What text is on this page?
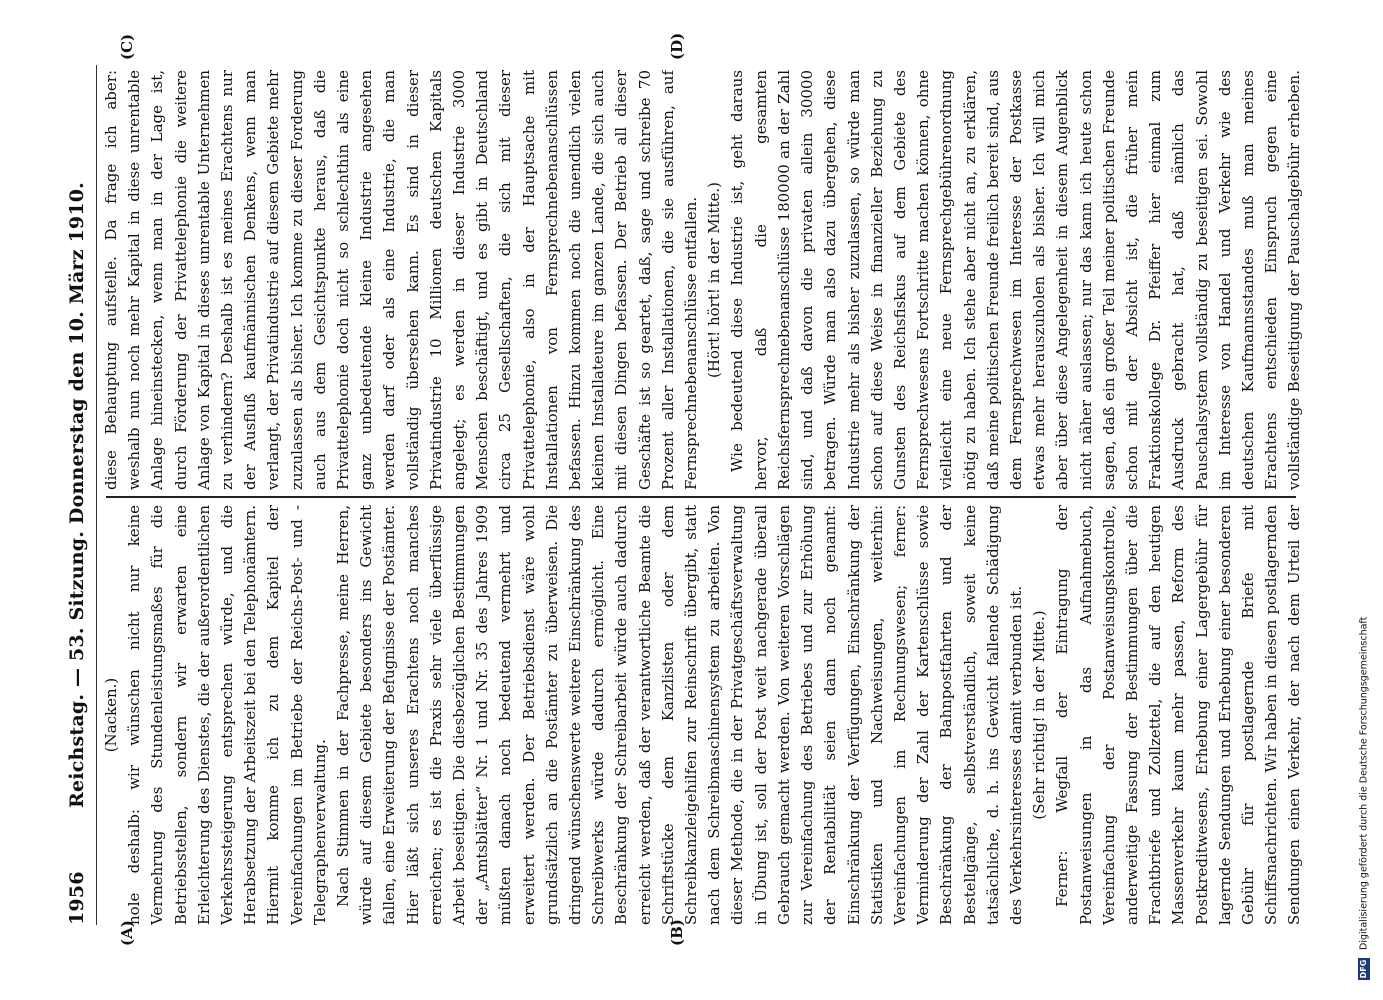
1956
Reichstag. — 53. Sitzung. Donnerstag den 10. März 1910.
(A)	(B)
(C)	(D)

(Nacken.) hole deshalb: wir wünschen nicht nur keine Vermehrung des Stundenleistungsmaßes für die Betriebsstellen, sondern wir erwarten eine Erleichterung des Dienstes, die der außerordentlichen Verkehrssteigerung entsprechen würde, und die Herabsetzung der Arbeitszeit bei den Telephonämtern. Hiermit komme ich zu dem Kapitel der Vereinfachungen im Betriebe der Reichs-Post- und -Telegraphenverwaltung. Nach Stimmen in der Fachpresse, meine Herren, würde auf diesem Gebiete besonders ins Gewicht fallen, eine Erweiterung der Befugnisse der Postämter. Hier läßt sich unseres Erachtens noch manches erreichen; es ist die Praxis sehr viele überflüssige Arbeit beseitigen. Die diesbezüglichen Bestimmungen der „Amtsblätter“ Nr. 1 und Nr. 35 des Jahres 1909 müßten danach noch bedeutend vermehrt und erweitert werden. Der Betriebsdienst wäre wohl grundsätzlich an die Postämter zu überweisen. Die dringend wünschenswerte weitere Einschränkung des Schreibwerks würde dadurch ermöglicht. Eine Beschränkung der Schreibarbeit würde auch dadurch erreicht werden, daß der verantwortliche Beamte die Schriftstücke dem Kanzlisten oder dem Schreibkanzleigehilfen zur Reinschrift übergibt, statt nach dem Schreibmaschinensystem zu arbeiten. Von dieser Methode, die in der Privatgeschäftsverwaltung in Übung ist, soll der Post weit nachgerade überall Gebrauch gemacht werden. Von weiteren Vorschlägen zur Vereinfachung des Betriebes und zur Erhöhung der Rentabilität seien dann noch genannt: Einschränkung der Verfügungen, Einschränkung der Statistiken und Nachweisungen, weiterhin: Vereinfachungen im Rechnungswesen; ferner: Verminderung der Zahl der Kartenschlüsse sowie Beschränkung der Bahnpostfahrten und der Bestellgänge, selbstverständlich, soweit keine tatsächliche, d. h. ins Gewicht fallende Schädigung des Verkehrsinteresses damit verbunden ist. (Sehr richtig! in der Mitte.)

Ferner: Wegfall der Eintragung der Postanweisungen in das Aufnahmebuch, Vereinfachung der Postanweisungskontrolle, anderweitige Fassung der Bestimmungen über die Frachtbriefe und Zollzettel, die auf den heutigen Massenverkehr kaum mehr passen, Reform des Postkreditwesens, Erhebung einer Lagergebühr für lagernde Sendungen und Erhebung einer besonderen Gebühr für postlagernde Briefe mit Schiffsnachrichten. Wir haben in diesen postlagernden Sendungen einen Verkehr, der nach dem Urteil der

diese Behauptung aufstelle. Da frage ich aber: weshalb nun noch mehr Kapital in diese unrentable Anlage hineinstecken, wenn man in der Lage ist, durch Förderung der Privattelephonie die weitere Anlage von Kapital in dieses unrentable Unternehmen zu verhindern? Deshalb ist es meines Erachtens nur der Ausfluß kaufmännischen Denkens, wenn man verlangt, der Privatindustrie auf diesem Gebiete mehr zuzulassen als bisher. Ich komme zu dieser Forderung auch aus dem Gesichtspunkte heraus, daß die Privattelephonie doch nicht so schlechthin als eine ganz unbedeutende kleine Industrie angesehen werden darf oder als eine Industrie, die man vollständig übersehen kann. Es sind in dieser Privatindustrie 10 Millionen deutschen Kapitals angelegt; es werden in dieser Industrie 3000 Menschen beschäftigt, und es gibt in Deutschland circa 25 Gesellschaften, die sich mit dieser Privattelephonie, also in der Hauptsache mit Installationen von Fernsprechnebenanschlüssen befassen. Hinzu kommen noch die unendlich vielen kleinen Installateure im ganzen Lande, die sich auch mit diesen Dingen befassen. Der Betrieb all dieser Geschäfte ist so geartet, daß, sage und schreibe 70 Prozent aller Installationen, die sie ausführen, auf Fernsprechnebenanschlüsse entfallen. (Hört! hört! in der Mitte.)

Wie bedeutend diese Industrie ist, geht daraus hervor, daß die gesamten Reichsfernsprechnebenanschlüsse 180000 an der Zahl sind, und daß davon die privaten allein 30000 betragen. Würde man also dazu übergehen, diese Industrie mehr als bisher zuzulassen, so würde man schon auf diese Weise in finanzieller Beziehung zu Gunsten des Reichsfiskus auf dem Gebiete des Fernsprechwesens Fortschritte machen können, ohne vielleicht eine neue Fernsprechgebührenordnung nötig zu haben. Ich stehe aber nicht an, zu erklären, daß meine politischen Freunde freilich bereit sind, aus dem Fernsprechwesen im Interesse der Postkasse etwas mehr herauszuholen als bisher. Ich will mich aber über diese Angelegenheit in diesem Augenblick nicht näher auslassen; nur das kann ich heute schon sagen, daß ein großer Teil meiner politischen Freunde schon mit der Absicht ist, die früher mein Fraktionskollege Dr. Pfeiffer hier einmal zum Ausdruck gebracht hat, daß nämlich das Pauschalsystem vollständig zu beseitigen sei. Sowohl im Interesse von Handel und Verkehr wie des deutschen Kaufmannsstandes muß man meines Erachtens entschieden Einspruch gegen eine vollständige Beseitigung der Pauschalgebühr erheben.

DFG Digitalisierung gefördert durch die Deutsche Forschungsgemeinschaft
